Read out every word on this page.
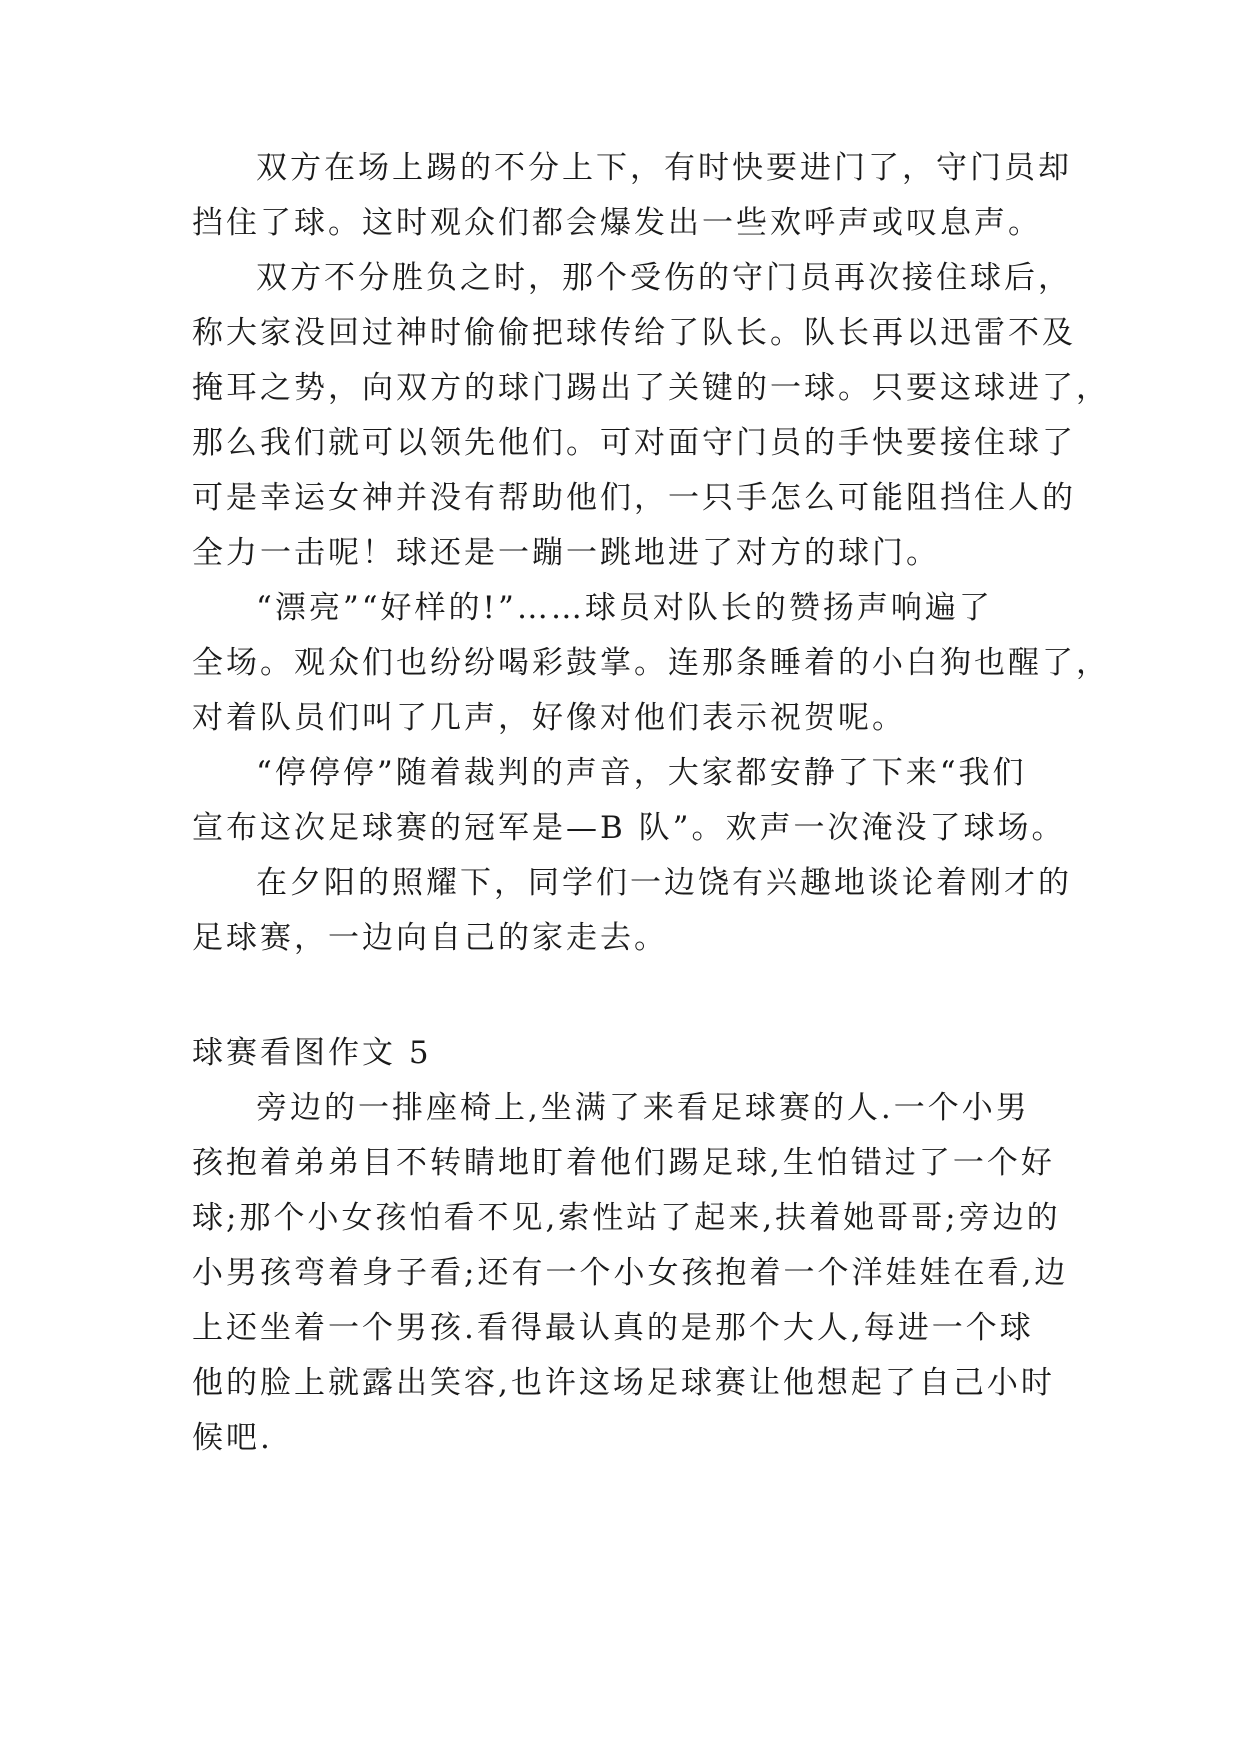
双方在场上踢的不分上下，有时快要进门了，守门员却
挡住了球。这时观众们都会爆发出一些欢呼声或叹息声。
双方不分胜负之时，那个受伤的守门员再次接住球后，
称大家没回过神时偷偷把球传给了队长。队长再以迅雷不及
掩耳之势，向双方的球门踢出了关键的一球。只要这球进了，
那么我们就可以领先他们。可对面守门员的手快要接住球了
可是幸运女神并没有帮助他们，一只手怎么可能阻挡住人的
全力一击呢！球还是一蹦一跳地进了对方的球门。
“漂亮”“好样的!”……球员对队长的赞扬声响遍了
全场。观众们也纷纷喝彩鼓掌。连那条睡着的小白狗也醒了，
对着队员们叫了几声，好像对他们表示祝贺呢。
“停停停”随着裁判的声音，大家都安静了下来“我们
宣布这次足球赛的冠军是—B 队”。欢声一次淹没了球场。
在夕阳的照耀下，同学们一边饶有兴趣地谈论着刚才的
足球赛，一边向自己的家走去。
球赛看图作文 5
旁边的一排座椅上,坐满了来看足球赛的人.一个小男
孩抱着弟弟目不转睛地盯着他们踢足球,生怕错过了一个好
球;那个小女孩怕看不见,索性站了起来,扶着她哥哥;旁边的
小男孩弯着身子看;还有一个小女孩抱着一个洋娃娃在看,边
上还坐着一个男孩.看得最认真的是那个大人,每进一个球
他的脸上就露出笑容,也许这场足球赛让他想起了自己小时
候吧.
